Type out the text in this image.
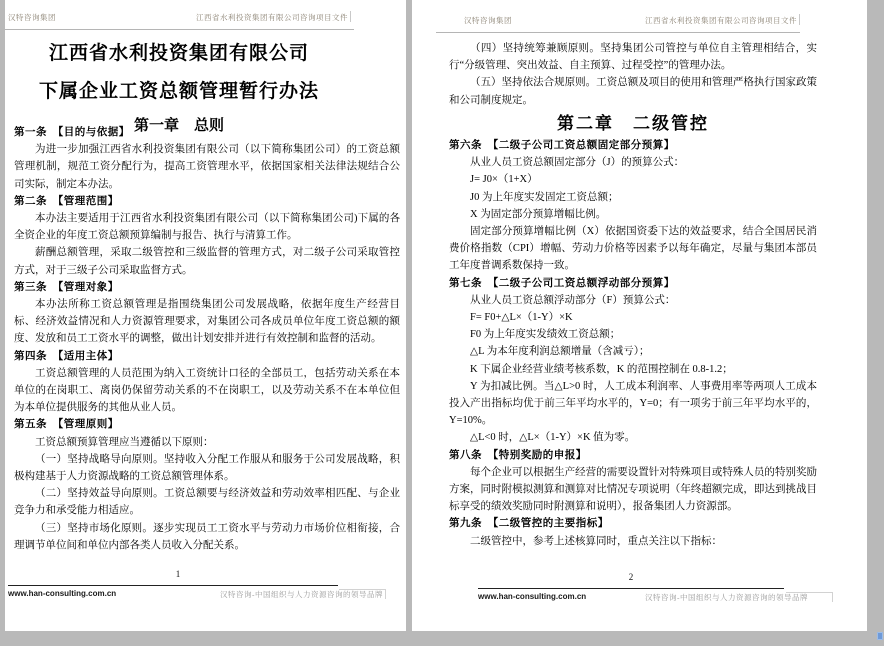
汉特咨询集团	江西省水利投资集团有限公司咨询项目文件
江西省水利投资集团有限公司
下属企业工资总额管理暂行办法
第一章　总则
第一条　【目的与依据】

为进一步加强江西省水利投资集团有限公司（以下简称集团公司）的工资总额管理机制，规范工资分配行为，提高工资管理水平，依据国家相关法律法规结合公司实际，制定本办法。

第二条　【管理范围】

本办法主要适用于江西省水利投资集团有限公司（以下简称集团公司)下属的各全资企业的年度工资总额预算编制与报告、执行与清算工作。

薪酬总额管理，采取二级管控和三级监督的管理方式，对二级子公司采取管控方式，对于三级子公司采取监督方式。

第三条　【管理对象】

本办法所称工资总额管理是指围绕集团公司发展战略，依据年度生产经营目标、经济效益情况和人力资源管理要求，对集团公司各成员单位年度工资总额的额度、发放和员工工资水平的调整，做出计划安排并进行有效控制和监督的活动。

第四条　【适用主体】

工资总额管理的人员范围为纳入工资统计口径的全部员工，包括劳动关系在本单位的在岗职工、离岗仍保留劳动关系的不在岗职工，以及劳动关系不在本单位但为本单位提供服务的其他从业人员。

第五条　【管理原则】

工资总额预算管理应当遵循以下原则：

（一）坚持战略导向原则。坚持收入分配工作服从和服务于公司发展战略，积极构建基于人力资源战略的工资总额管理体系。

（二）坚持效益导向原则。工资总额要与经济效益和劳动效率相匹配、与企业竞争力和承受能力相适应。

（三）坚持市场化原则。逐步实现员工工资水平与劳动力市场价位相衔接，合理调节单位间和单位内部各类人员收入分配关系。

1
www.han-consulting.com.cn	汉特咨询-中国组织与人力资源咨询的领导品牌
汉特咨询集团	江西省水利投资集团有限公司咨询项目文件

（四）坚持统筹兼顾原则。坚持集团公司管控与单位自主管理相结合，实行“分级管理、突出效益、自主预算、过程受控”的管理办法。

（五）坚持依法合规原则。工资总额及项目的使用和管理严格执行国家政策和公司制度规定。

第二章　二级管控
第六条　【二级子公司工资总额固定部分预算】

从业人员工资总额固定部分（J）的预算公式：

J= J0×（1+X）

J0 为上年度实发固定工资总额；

X 为固定部分预算增幅比例。

固定部分预算增幅比例（X）依据国资委下达的效益要求，结合全国居民消费价格指数（CPI）增幅、劳动力价格等因素予以每年确定，尽量与集团本部员工年度普调系数保持一致。

第七条　【二级子公司工资总额浮动部分预算】

从业人员工资总额浮动部分（F）预算公式：

F= F0+△L×（1-Y）×K

F0 为上年度实发绩效工资总额；

△L 为本年度利润总额增量（含减亏）；

K 下属企业经营业绩考核系数，K 的范围控制在 0.8-1.2；

Y 为扣减比例。当△L>0 时，人工成本利润率、人事费用率等两项人工成本投入产出指标均优于前三年平均水平的，Y=0；有一项劣于前三年平均水平的，Y=10%。

△L<0 时，△L×（1-Y）×K 值为零。

第八条　【特别奖励的申报】

每个企业可以根据生产经营的需要设置针对特殊项目或特殊人员的特别奖励方案，同时附模拟测算和测算对比情况专项说明（年终超额完成，即达到挑战目标享受的绩效奖励同时附测算和说明），报备集团人力资源部。

第九条　【二级管控的主要指标】

二级管控中，参考上述核算同时，重点关注以下指标：

2
www.han-consulting.com.cn	汉特咨询-中国组织与人力资源咨询的领导品牌
